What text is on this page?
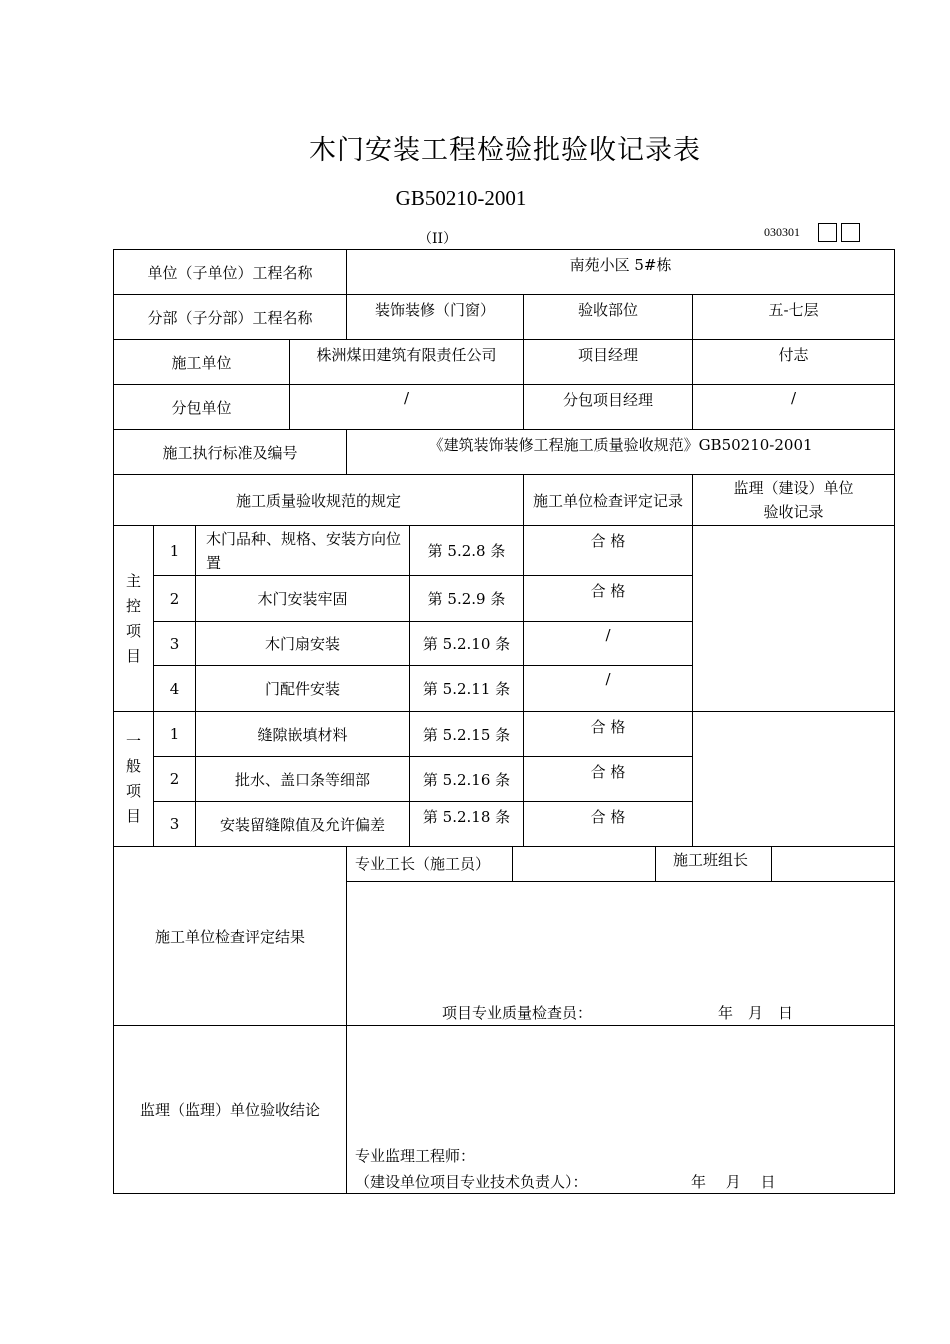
木门安装工程检验批验收记录表
GB50210-2001
（II）	030301
单位（子单位）工程名称				南苑小区 5#栋			
分部（子分部）工程名称				装饰装修（门窗）		验收部位	五-七层
施工单位			株洲煤田建筑有限责任公司			项目经理	付志
分包单位			/			分包项目经理	/
施工执行标准及编号				《建筑装饰装修工程施工质量验收规范》GB50210-2001			
施工质量验收规范的规定						施工单位检查评定记录	监理（建设）单位
验收记录

主
控
项
目	1	木门品种、规格、安装方向位置			第 5.2.8 条	合 格	
	2	木门安装牢固			第 5.2.9 条	合 格	
	3	木门扇安装			第 5.2.10 条	/	
	4	门配件安装			第 5.2.11 条	/	

一
般
项
目	1	缝隙嵌填材料			第 5.2.15 条	合 格	
	2	批水、盖口条等细部			第 5.2.16 条	合 格	
	3	安装留缝隙值及允许偏差			第 5.2.18 条	合 格	
施工单位检查评定结果				专业工长（施工员） 施工班组长
项目专业质量检查员： 年　月　日			

监理（监理）单位验收结论				专业监理工程师：
（建设单位项目专业技术负责人）： 年　 月　 日			
